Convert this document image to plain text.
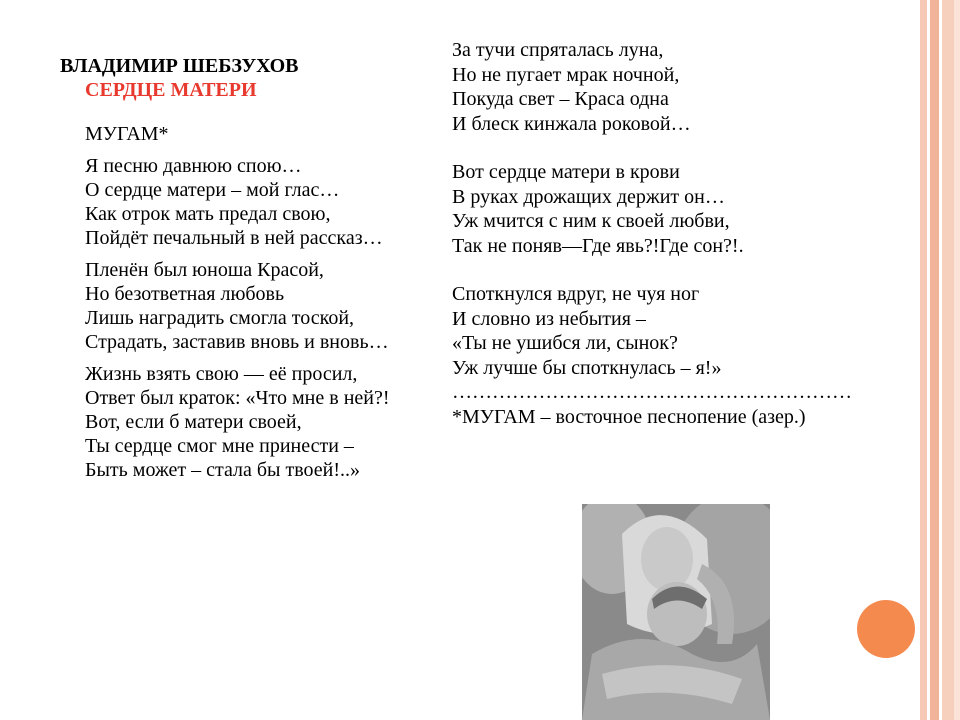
ВЛАДИМИР ШЕБЗУХОВ
СЕРДЦЕ МАТЕРИ
МУГАМ*
Я песню давнюю спою…
О сердце матери – мой глас…
Как отрок мать предал свою,
Пойдёт печальный в ней рассказ…
Пленён был юноша Красой,
Но безответная любовь
Лишь наградить смогла тоской,
Страдать, заставив вновь и вновь…
Жизнь взять свою — её просил,
Ответ был краток: «Что мне в ней?!
Вот, если б матери своей,
Ты сердце смог мне принести –
Быть может – стала бы твоей!..»
За тучи спряталась луна,
Но не пугает мрак ночной,
Покуда свет – Краса одна
И блеск кинжала роковой…
Вот сердце матери в крови
В руках дрожащих держит он…
Уж мчится с ним к своей любви,
Так не поняв—Где явь?!Где сон?!.
Споткнулся вдруг, не чуя ног
И словно из небытия –
«Ты не ушибся ли, сынок?
Уж лучше бы споткнулась – я!»
……………………………………………………
*МУГАМ – восточное песнопение (азер.)
